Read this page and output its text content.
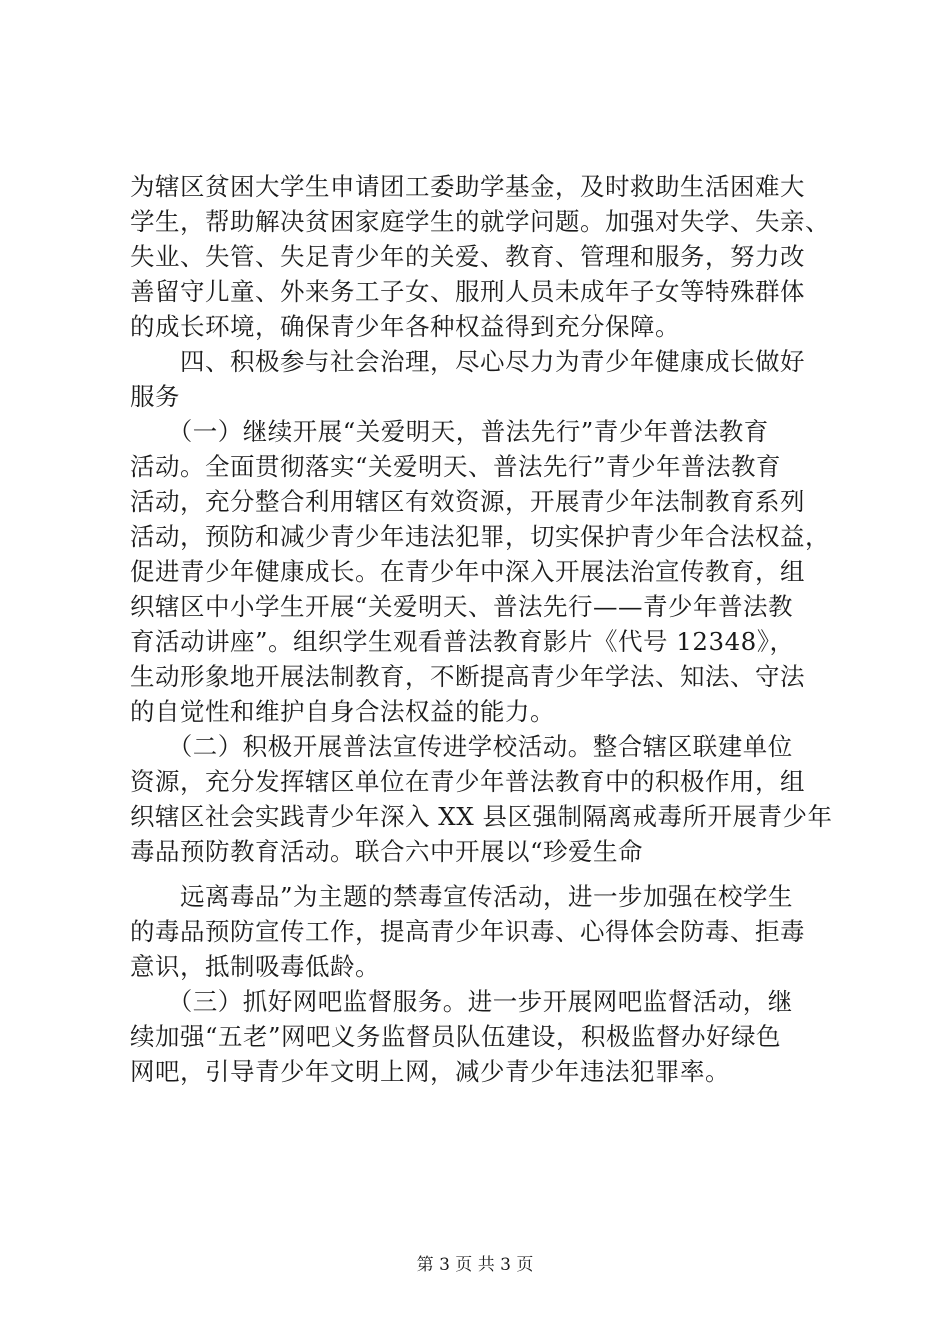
为辖区贫困大学生申请团工委助学基金，及时救助生活困难大
学生，帮助解决贫困家庭学生的就学问题。加强对失学、失亲、
失业、失管、失足青少年的关爱、教育、管理和服务，努力改
善留守儿童、外来务工子女、服刑人员未成年子女等特殊群体
的成长环境，确保青少年各种权益得到充分保障。
　　四、积极参与社会治理，尽心尽力为青少年健康成长做好
服务
　　（一）继续开展“关爱明天，普法先行”青少年普法教育
活动。全面贯彻落实“关爱明天、普法先行”青少年普法教育
活动，充分整合利用辖区有效资源，开展青少年法制教育系列
活动，预防和减少青少年违法犯罪，切实保护青少年合法权益，
促进青少年健康成长。在青少年中深入开展法治宣传教育，组
织辖区中小学生开展“关爱明天、普法先行——青少年普法教
育活动讲座”。组织学生观看普法教育影片《代号 12348》，
生动形象地开展法制教育，不断提高青少年学法、知法、守法
的自觉性和维护自身合法权益的能力。
　　（二）积极开展普法宣传进学校活动。整合辖区联建单位
资源，充分发挥辖区单位在青少年普法教育中的积极作用，组
织辖区社会实践青少年深入 XX 县区强制隔离戒毒所开展青少年
毒品预防教育活动。联合六中开展以“珍爱生命
　　远离毒品”为主题的禁毒宣传活动，进一步加强在校学生
的毒品预防宣传工作，提高青少年识毒、心得体会防毒、拒毒
意识，抵制吸毒低龄。
　　（三）抓好网吧监督服务。进一步开展网吧监督活动，继
续加强“五老”网吧义务监督员队伍建设，积极监督办好绿色
网吧，引导青少年文明上网，减少青少年违法犯罪率。
第 3 页 共 3 页
